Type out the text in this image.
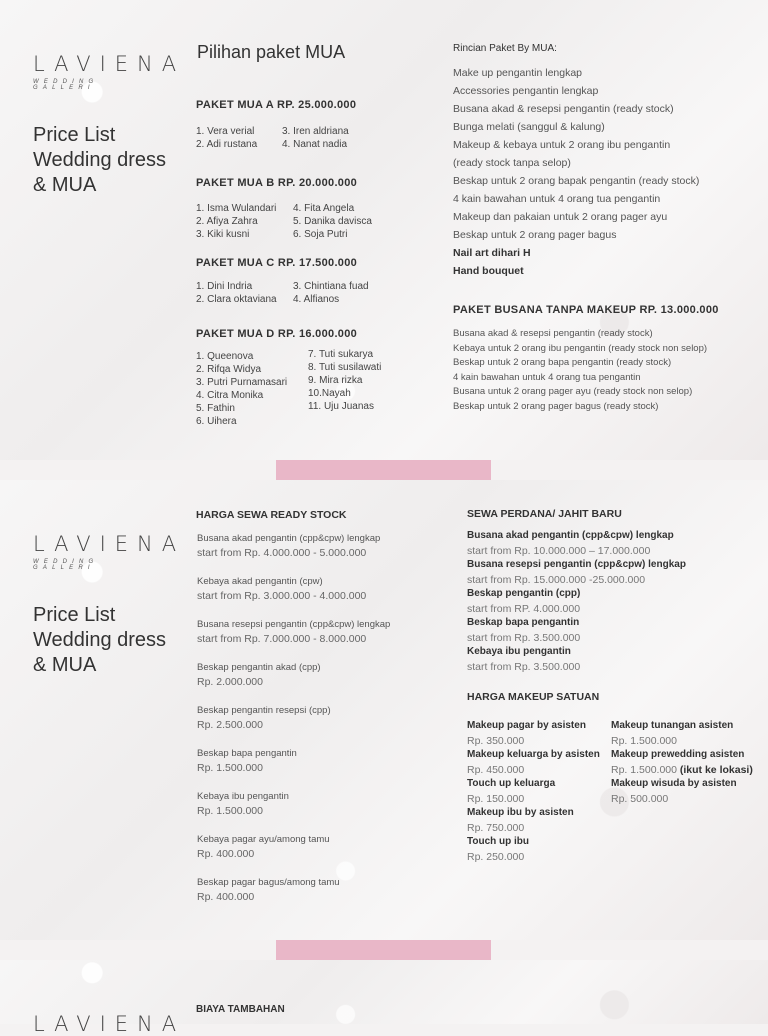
LAVIENA
WEDDING GALLERI
Price List
Wedding dress
& MUA
Pilihan paket MUA
PAKET MUA A RP. 25.000.000
1. Vera verial
2. Adi rustana
3. Iren aldriana
4. Nanat nadia
PAKET MUA B RP. 20.000.000
1. Isma Wulandari
2. Afiya Zahra
3. Kiki kusni
4. Fita Angela
5. Danika davisca
6. Soja Putri
PAKET MUA C RP. 17.500.000
1. Dini Indria
2. Clara oktaviana
3. Chintiana fuad
4. Alfianos
PAKET MUA D RP. 16.000.000
1. Queenova
2. Rifqa Widya
3. Putri Purnamasari
4. Citra Monika
5. Fathin
6. Uihera
7. Tuti sukarya
8. Tuti susilawati
9. Mira rizka
10.Nayah
11. Uju Juanas
Rincian Paket By MUA:
Make up pengantin lengkap
Accessories pengantin lengkap
Busana akad & resepsi pengantin (ready stock)
Bunga melati (sanggul & kalung)
Makeup & kebaya untuk 2 orang ibu pengantin
(ready stock tanpa selop)
Beskap untuk 2 orang bapak pengantin (ready stock)
4 kain bawahan untuk 4 orang tua pengantin
Makeup dan pakaian untuk 2 orang pager ayu
Beskap untuk 2 orang pager bagus
Nail art dihari H
Hand bouquet
PAKET BUSANA TANPA MAKEUP RP. 13.000.000
Busana akad & resepsi pengantin (ready stock)
Kebaya untuk 2 orang ibu pengantin (ready stock non selop)
Beskap untuk 2 orang bapa pengantin (ready stock)
4 kain bawahan untuk 4 orang tua pengantin
Busana untuk 2 orang pager ayu (ready stock non selop)
Beskap untuk 2 orang pager bagus (ready stock)
LAVIENA
WEDDING GALLERI
Price List
Wedding dress
& MUA
HARGA SEWA READY STOCK
Busana akad pengantin (cpp&cpw) lengkap
start from Rp. 4.000.000 - 5.000.000
Kebaya akad pengantin (cpw)
start from Rp. 3.000.000 - 4.000.000
Busana resepsi pengantin (cpp&cpw) lengkap
start from Rp. 7.000.000 - 8.000.000
Beskap pengantin akad (cpp)
Rp. 2.000.000
Beskap pengantin resepsi (cpp)
Rp. 2.500.000
Beskap bapa pengantin
Rp. 1.500.000
Kebaya ibu pengantin
Rp. 1.500.000
Kebaya pagar ayu/among tamu
Rp. 400.000
Beskap pagar bagus/among tamu
Rp. 400.000
SEWA PERDANA/ JAHIT BARU
Busana akad pengantin (cpp&cpw) lengkap
start from Rp. 10.000.000 – 17.000.000
Busana resepsi pengantin (cpp&cpw) lengkap
start from Rp. 15.000.000 -25.000.000
Beskap pengantin (cpp)
start from RP. 4.000.000
Beskap bapa pengantin
start from Rp. 3.500.000
Kebaya ibu pengantin
start from Rp. 3.500.000
HARGA MAKEUP SATUAN
Makeup pagar by asisten
Rp. 350.000
Makeup keluarga by asisten
Rp. 450.000
Touch up keluarga
Rp. 150.000
Makeup ibu by asisten
Rp. 750.000
Touch up ibu
Rp. 250.000
Makeup tunangan asisten
Rp. 1.500.000
Makeup prewedding asisten
Rp. 1.500.000 (ikut ke lokasi)
Makeup wisuda by asisten
Rp. 500.000
BIAYA TAMBAHAN
LAVIENA
